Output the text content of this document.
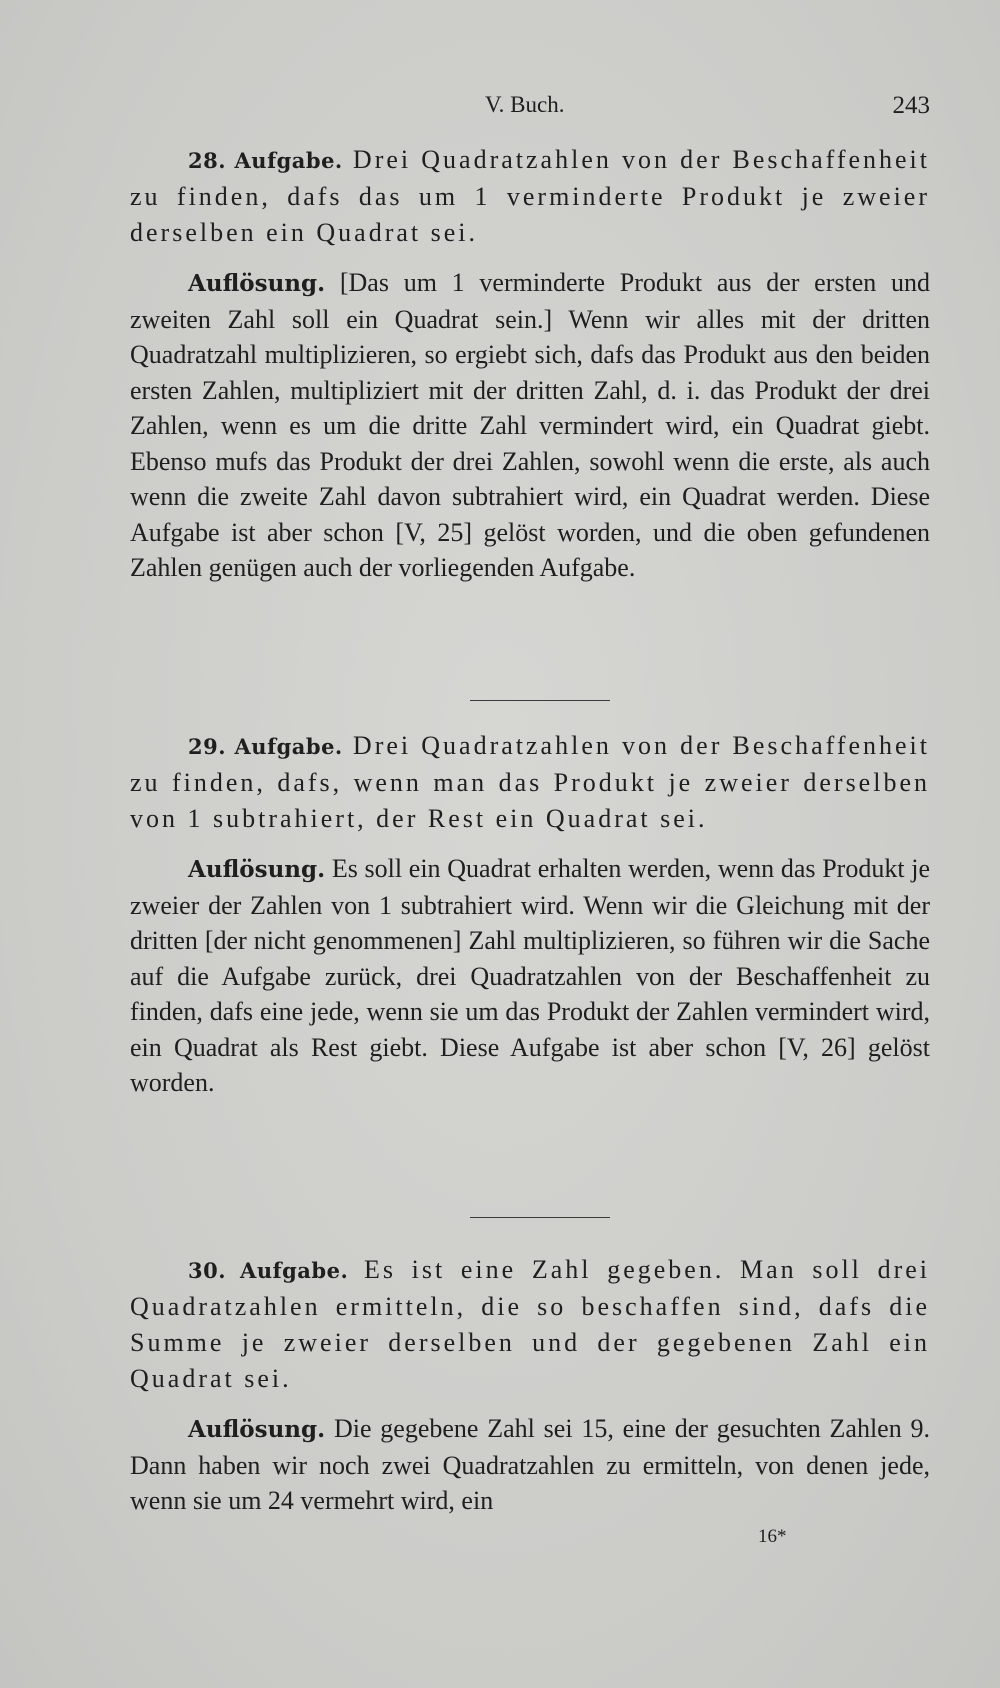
V. Buch.	243

28. Aufgabe. Drei Quadratzahlen von der Beschaffenheit zu finden, dafs das um 1 verminderte Produkt je zweier derselben ein Quadrat sei.

Auflösung. [Das um 1 verminderte Produkt aus der ersten und zweiten Zahl soll ein Quadrat sein.] Wenn wir alles mit der dritten Quadratzahl multiplizieren, so ergiebt sich, dafs das Produkt aus den beiden ersten Zahlen, multipliziert mit der dritten Zahl, d. i. das Produkt der drei Zahlen, wenn es um die dritte Zahl vermindert wird, ein Quadrat giebt. Ebenso mufs das Produkt der drei Zahlen, sowohl wenn die erste, als auch wenn die zweite Zahl davon subtrahiert wird, ein Quadrat werden. Diese Aufgabe ist aber schon [V, 25] gelöst worden, und die oben gefundenen Zahlen genügen auch der vorliegenden Aufgabe.

29. Aufgabe. Drei Quadratzahlen von der Beschaffenheit zu finden, dafs, wenn man das Produkt je zweier derselben von 1 subtrahiert, der Rest ein Quadrat sei.

Auflösung. Es soll ein Quadrat erhalten werden, wenn das Produkt je zweier der Zahlen von 1 subtrahiert wird. Wenn wir die Gleichung mit der dritten [der nicht genommenen] Zahl multiplizieren, so führen wir die Sache auf die Aufgabe zurück, drei Quadratzahlen von der Beschaffenheit zu finden, dafs eine jede, wenn sie um das Produkt der Zahlen vermindert wird, ein Quadrat als Rest giebt. Diese Aufgabe ist aber schon [V, 26] gelöst worden.

30. Aufgabe. Es ist eine Zahl gegeben. Man soll drei Quadratzahlen ermitteln, die so beschaffen sind, dafs die Summe je zweier derselben und der gegebenen Zahl ein Quadrat sei.

Auflösung. Die gegebene Zahl sei 15, eine der gesuchten Zahlen 9. Dann haben wir noch zwei Quadratzahlen zu ermitteln, von denen jede, wenn sie um 24 vermehrt wird, ein

16*
